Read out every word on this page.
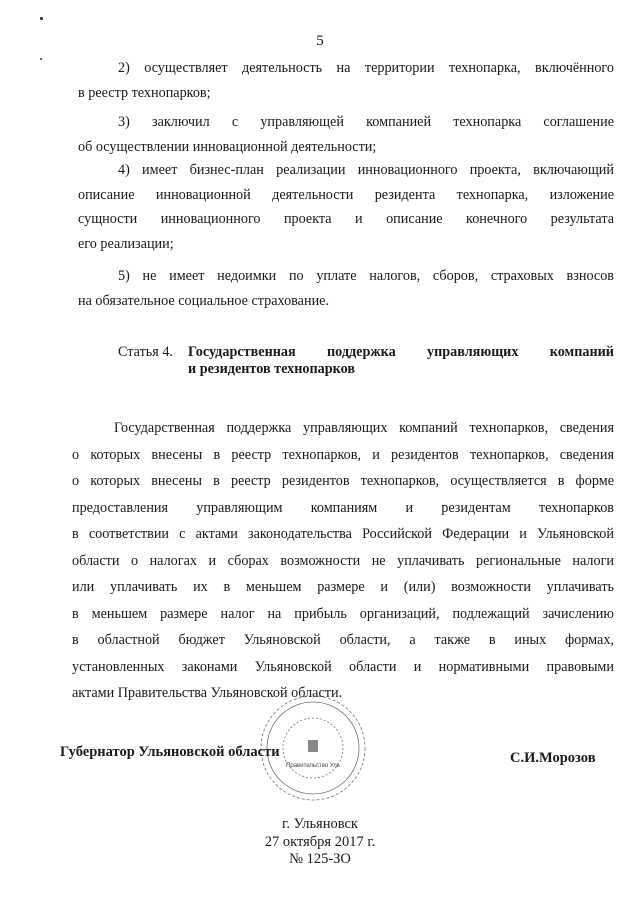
5
2) осуществляет деятельность на территории технопарка, включённого
в реестр технопарков;
3) заключил с управляющей компанией технопарка соглашение
об осуществлении инновационной деятельности;
4) имеет бизнес-план реализации инновационного проекта, включающий
описание инновационной деятельности резидента технопарка, изложение
сущности инновационного проекта и описание конечного результата
его реализации;
5) не имеет недоимки по уплате налогов, сборов, страховых взносов
на обязательное социальное страхование.
Статья 4. Государственная поддержка управляющих компаний
и резидентов технопарков
Государственная поддержка управляющих компаний технопарков, сведения
о которых внесены в реестр технопарков, и резидентов технопарков, сведения
о которых внесены в реестр резидентов технопарков, осуществляется в форме
предоставления управляющим компаниям и резидентам технопарков
в соответствии с актами законодательства Российской Федерации и Ульяновской
области о налогах и сборах возможности не уплачивать региональные налоги
или уплачивать их в меньшем размере и (или) возможности уплачивать
в меньшем размере налог на прибыль организаций, подлежащий зачислению
в областной бюджет Ульяновской области, а также в иных формах,
установленных законами Ульяновской области и нормативными правовыми
актами Правительства Ульяновской области.
Правительство Уль
Губернатор Ульяновской области	С.И.Морозов
г. Ульяновск
27 октября 2017 г.
№ 125-ЗО
